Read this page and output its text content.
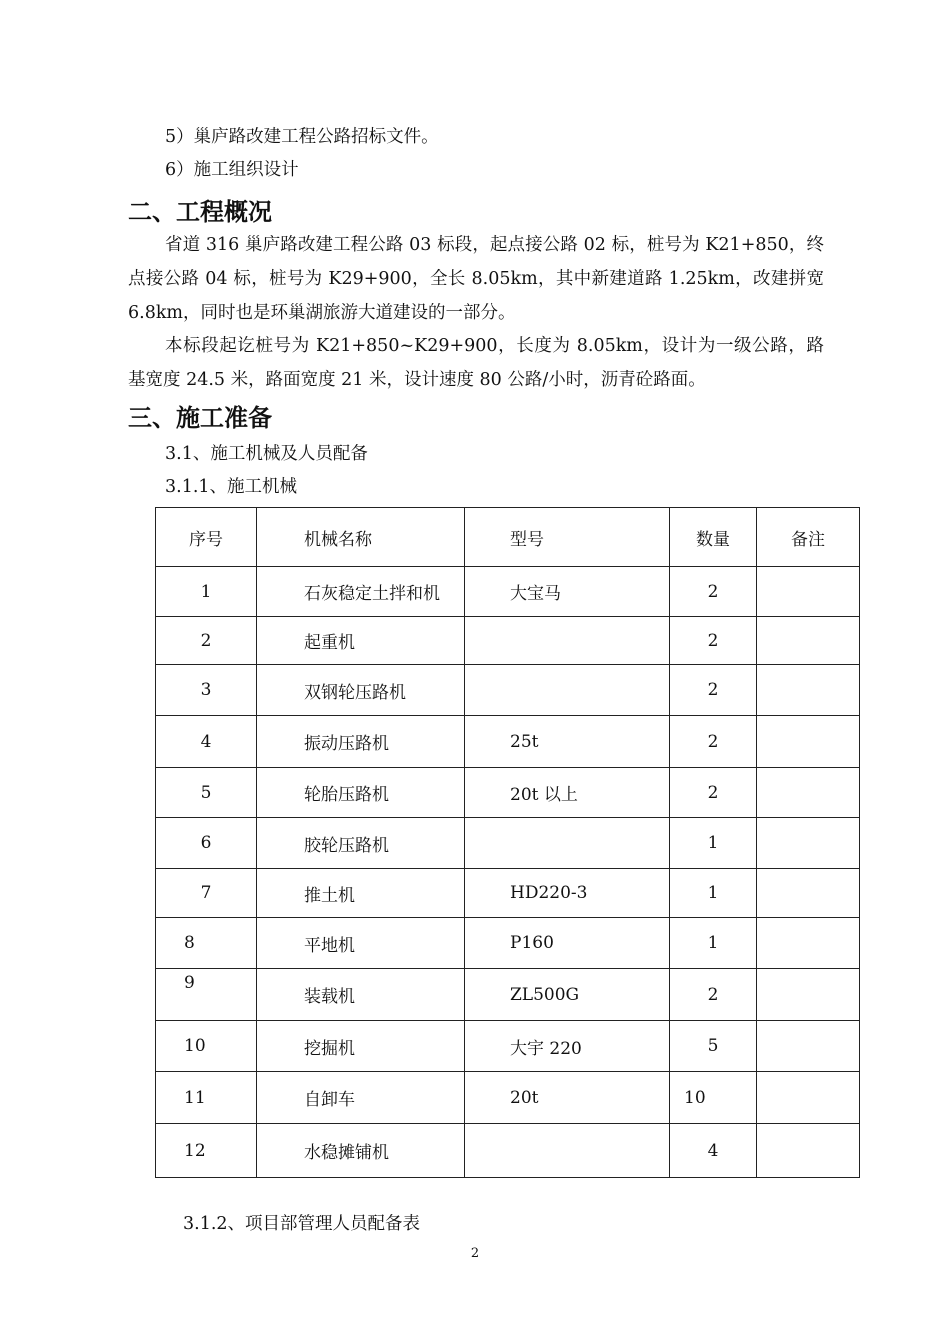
5）巢庐路改建工程公路招标文件。
6）施工组织设计
二、工程概况
省道 316 巢庐路改建工程公路 03 标段，起点接公路 02 标，桩号为 K21+850，终点接公路 04 标，桩号为 K29+900，全长 8.05km，其中新建道路 1.25km，改建拼宽 6.8km，同时也是环巢湖旅游大道建设的一部分。
本标段起讫桩号为 K21+850~K29+900，长度为 8.05km，设计为一级公路，路基宽度 24.5 米，路面宽度 21 米，设计速度 80 公路/小时，沥青砼路面。
三、施工准备
3.1、施工机械及人员配备
3.1.1、施工机械
序号	机械名称	型号	数量	备注
1	石灰稳定土拌和机	大宝马	2	
2	起重机		2	
3	双钢轮压路机		2	
4	振动压路机	25t	2	
5	轮胎压路机	20t 以上	2	
6	胶轮压路机		1	
7	推土机	HD220-3	1	
8	平地机	P160	1	
9	装载机	ZL500G	2	
10	挖掘机	大宇 220	5	
11	自卸车	20t	10	
12	水稳摊铺机		4	
3.1.2、项目部管理人员配备表
2
